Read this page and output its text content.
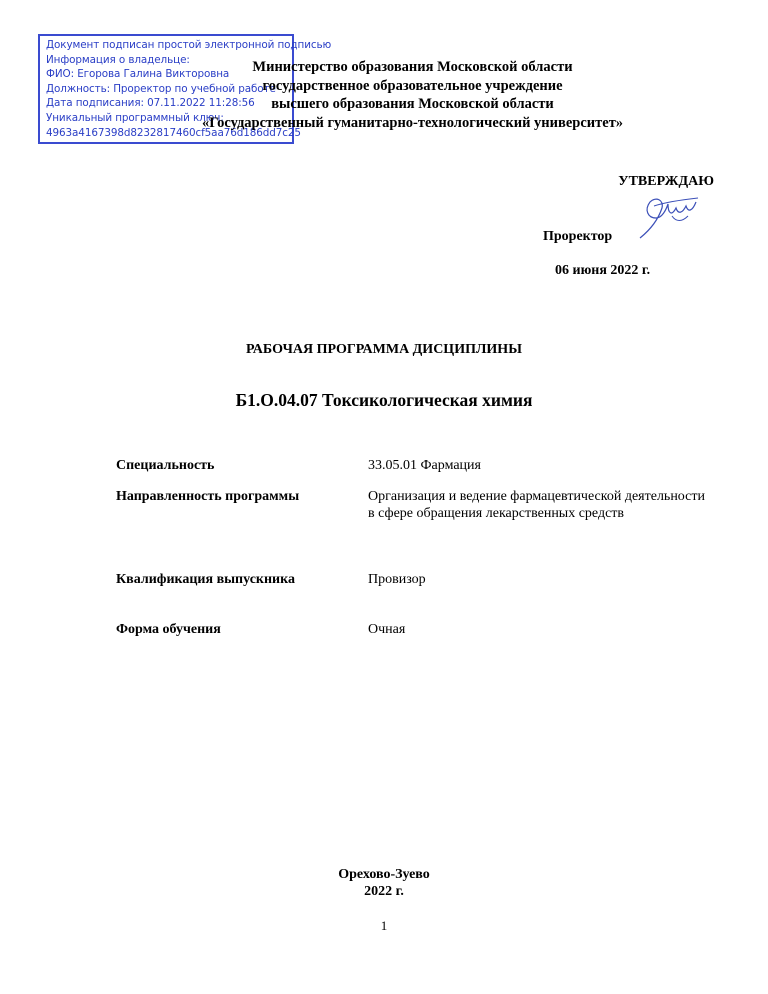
Документ подписан простой электронной подписью
Информация о владельце:
ФИО: Егорова Галина Викторовна
Должность: Проректор по учебной работе
Дата подписания: 07.11.2022 11:28:56
Уникальный программный ключ:
4963a4167398d8232817460cf5aa76d186dd7c25
Министерство образования Московской области
государственное образовательное учреждение
высшего образования Московской области
«Государственный гуманитарно-технологический университет»
УТВЕРЖДАЮ
Проректор
06 июня 2022 г.
РАБОЧАЯ ПРОГРАММА ДИСЦИПЛИНЫ
Б1.О.04.07 Токсикологическая химия
Специальность	33.05.01 Фармация
Направленность программы	Организация и ведение фармацевтической деятельности в сфере обращения лекарственных средств
Квалификация выпускника	Провизор
Форма обучения	Очная
Орехово-Зуево
2022 г.
1
